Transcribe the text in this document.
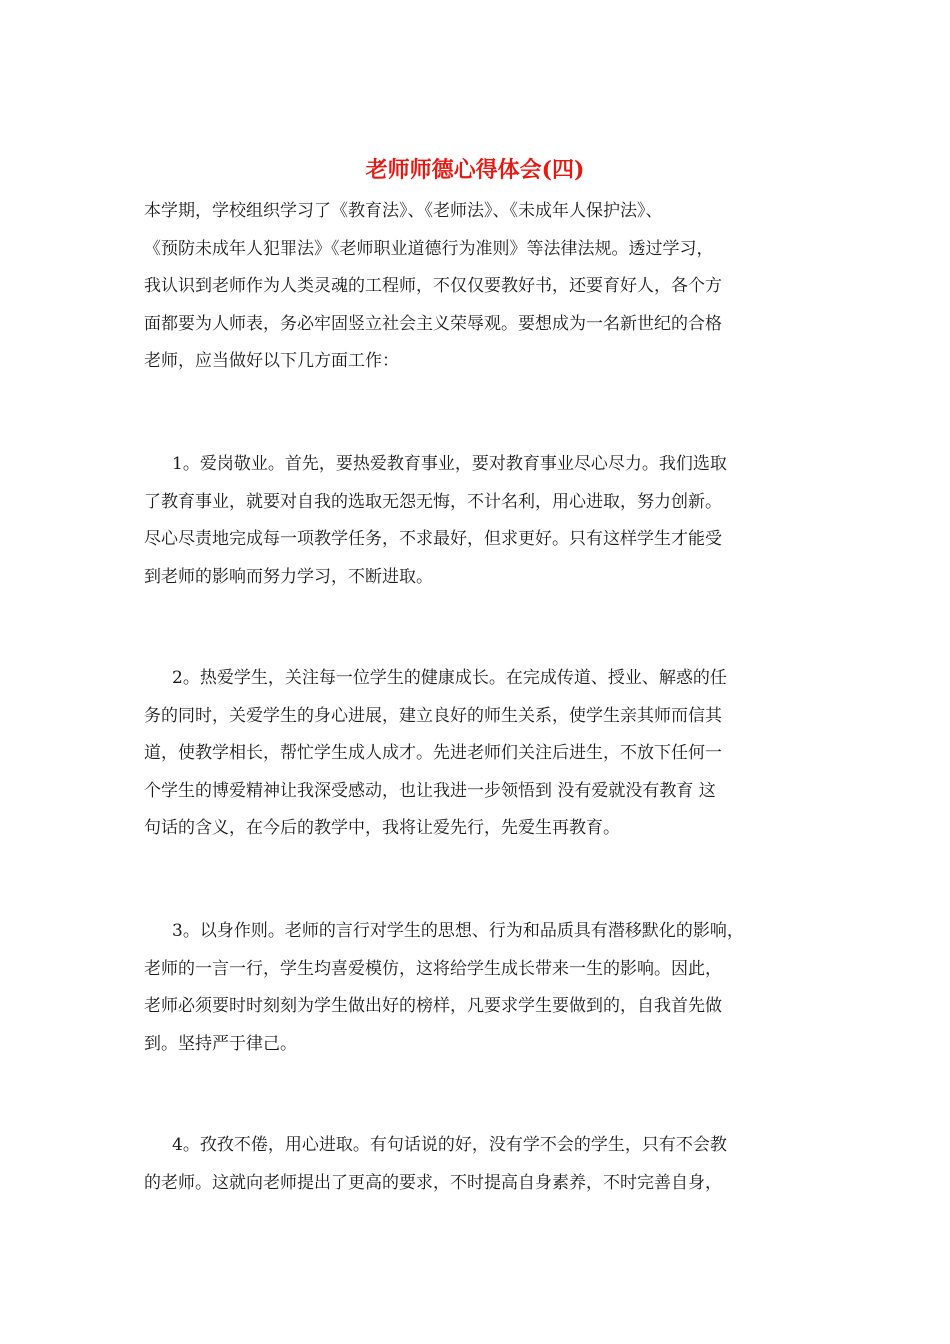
老师师德心得体会(四)
本学期，学校组织学习了《教育法》、《老师法》、《未成年人保护法》、
《预防未成年人犯罪法》《老师职业道德行为准则》等法律法规。透过学习，
我认识到老师作为人类灵魂的工程师，不仅仅要教好书，还要育好人，各个方
面都要为人师表，务必牢固竖立社会主义荣辱观。要想成为一名新世纪的合格
老师，应当做好以下几方面工作：
1。爱岗敬业。首先，要热爱教育事业，要对教育事业尽心尽力。我们选取
了教育事业，就要对自我的选取无怨无悔，不计名利，用心进取，努力创新。
尽心尽责地完成每一项教学任务，不求最好，但求更好。只有这样学生才能受
到老师的影响而努力学习，不断进取。
2。热爱学生，关注每一位学生的健康成长。在完成传道、授业、解惑的任
务的同时，关爱学生的身心进展，建立良好的师生关系，使学生亲其师而信其
道，使教学相长，帮忙学生成人成才。先进老师们关注后进生，不放下任何一
个学生的博爱精神让我深受感动，也让我进一步领悟到 没有爱就没有教育 这
句话的含义，在今后的教学中，我将让爱先行，先爱生再教育。
3。以身作则。老师的言行对学生的思想、行为和品质具有潜移默化的影响，
老师的一言一行，学生均喜爱模仿，这将给学生成长带来一生的影响。因此，
老师必须要时时刻刻为学生做出好的榜样，凡要求学生要做到的，自我首先做
到。坚持严于律己。
4。孜孜不倦，用心进取。有句话说的好，没有学不会的学生，只有不会教
的老师。这就向老师提出了更高的要求，不时提高自身素养，不时完善自身，
